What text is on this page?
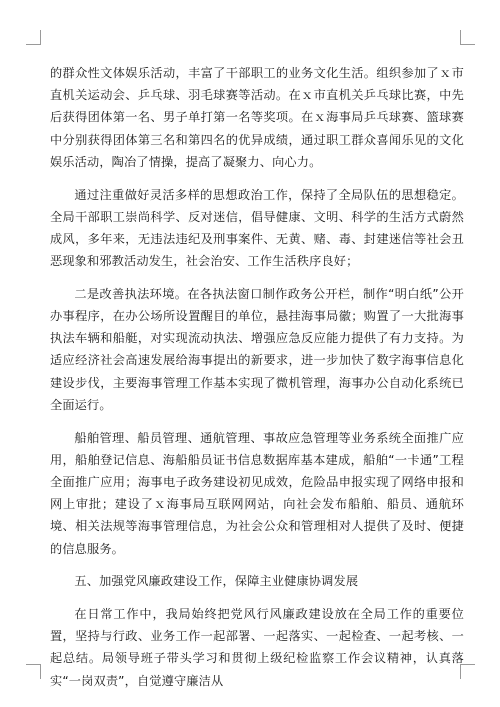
的群众性文体娱乐活动，丰富了干部职工的业务文化生活。组织参加了ｘ市直机关运动会、乒乓球、羽毛球赛等活动。在ｘ市直机关乒乓球比赛，中先后获得团体第一名、男子单打第一名等奖项。在ｘ海事局乒乓球赛、篮球赛中分别获得团体第三名和第四名的优异成绩，通过职工群众喜闻乐见的文化娱乐活动，陶冶了情操，提高了凝聚力、向心力。

通过注重做好灵活多样的思想政治工作，保持了全局队伍的思想稳定。全局干部职工崇尚科学、反对迷信，倡导健康、文明、科学的生活方式蔚然成风，多年来，无违法违纪及刑事案件、无黄、赌、毒、封建迷信等社会丑恶现象和邪教活动发生，社会治安、工作生活秩序良好；

二是改善执法环境。在各执法窗口制作政务公开栏，制作“明白纸”公开办事程序，在办公场所设置醒目的单位，悬挂海事局徽；购置了一大批海事执法车辆和船艇，对实现流动执法、增强应急反应能力提供了有力支持。为适应经济社会高速发展给海事提出的新要求，进一步加快了数字海事信息化建设步伐，主要海事管理工作基本实现了微机管理，海事办公自动化系统已全面运行。

船舶管理、船员管理、通航管理、事故应急管理等业务系统全面推广应用，船舶登记信息、海船船员证书信息数据库基本建成，船舶“一卡通”工程全面推广应用；海事电子政务建设初见成效，危险品申报实现了网络申报和网上审批；建设了ｘ海事局互联网网站，向社会发布船舶、船员、通航环境、相关法规等海事管理信息，为社会公众和管理相对人提供了及时、便捷的信息服务。

五、加强党风廉政建设工作，保障主业健康协调发展

在日常工作中，我局始终把党风行风廉政建设放在全局工作的重要位置，坚持与行政、业务工作一起部署、一起落实、一起检查、一起考核、一起总结。局领导班子带头学习和贯彻上级纪检监察工作会议精神，认真落实“一岗双责”，自觉遵守廉洁从
